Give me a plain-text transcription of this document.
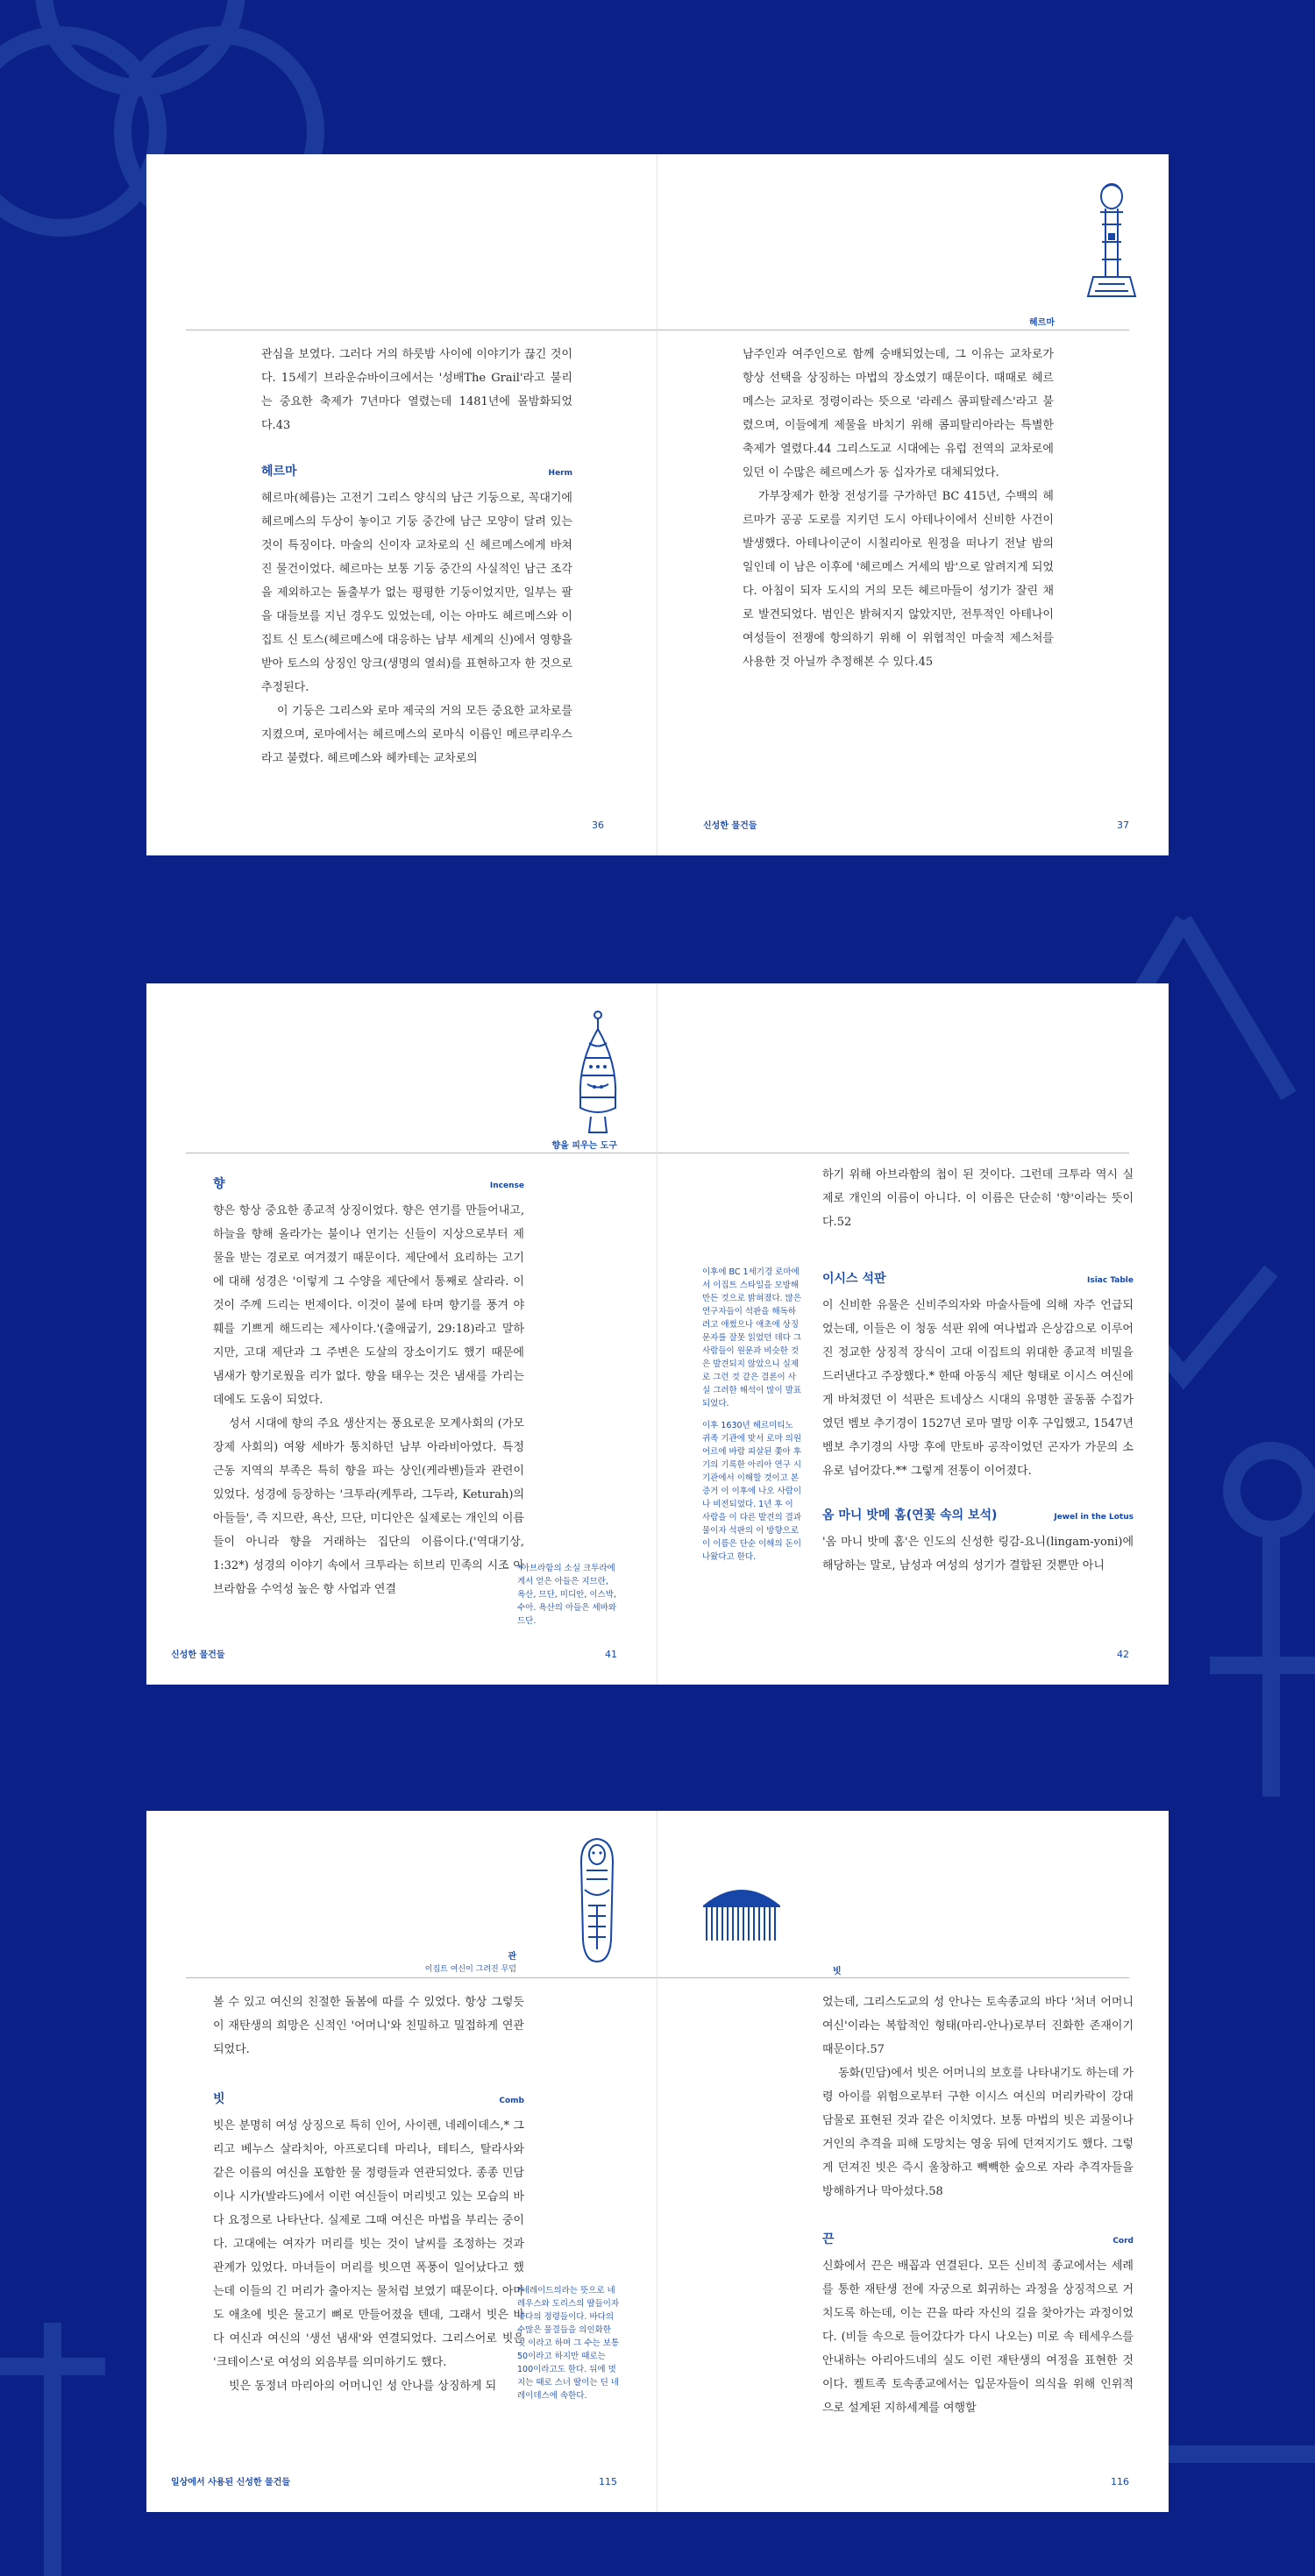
관심을 보였다. 그러다 거의 하룻밤 사이에 이야기가 끊긴 것이다. 15세기 브라운슈바이크에서는 '성배The Grail'라고 불리는 중요한 축제가 7년마다 열렸는데 1481년에 몰밤화되었다.43

헤르마	Herm

헤르마(헤름)는 고전기 그리스 양식의 남근 기둥으로, 꼭대기에 헤르메스의 두상이 놓이고 기둥 중간에 남근 모양이 달려 있는 것이 특징이다. 마술의 신이자 교차로의 신 헤르메스에게 바쳐진 물건이었다. 헤르마는 보통 기둥 중간의 사실적인 남근 조각을 제외하고는 돌출부가 없는 평평한 기둥이었지만, 일부는 팔을 대들보를 지닌 경우도 있었는데, 이는 아마도 헤르메스와 이집트 신 토스(헤르메스에 대응하는 남부 세계의 신)에서 영향을 받아 토스의 상징인 앙크(생명의 열쇠)를 표현하고자 한 것으로 추정된다.

이 기둥은 그리스와 로마 제국의 거의 모든 중요한 교차로를 지켰으며, 로마에서는 헤르메스의 로마식 이름인 메르쿠리우스라고 불렸다. 헤르메스와 헤카테는 교차로의

36
헤르마

남주인과 여주인으로 함께 숭배되었는데, 그 이유는 교차로가 항상 선택을 상징하는 마법의 장소였기 때문이다. 때때로 헤르메스는 교차로 정령이라는 뜻으로 '라레스 콤피탈레스'라고 불렸으며, 이들에게 제물을 바치기 위해 콤피탈리아라는 특별한 축제가 열렸다.44 그리스도교 시대에는 유럽 전역의 교차로에 있던 이 수많은 헤르메스가 동 십자가로 대체되었다.

가부장제가 한창 전성기를 구가하던 BC 415년, 수백의 헤르마가 공공 도로를 지키던 도시 아테나이에서 신비한 사건이 발생했다. 아테나이군이 시칠리아로 원정을 떠나기 전날 밤의 일인데 이 남은 이후에 '헤르메스 거세의 밤'으로 알려지게 되었다. 아침이 되자 도시의 거의 모든 헤르마들이 성기가 잘린 채로 발견되었다. 범인은 밝혀지지 않았지만, 전투적인 아테나이 여성들이 전쟁에 항의하기 위해 이 위협적인 마술적 제스처를 사용한 것 아닐까 추정해본 수 있다.45

신성한 물건들	37
향을 피우는 도구
향	Incense

향은 항상 중요한 종교적 상징이었다. 향은 연기를 만들어내고, 하늘을 향해 올라가는 불이나 연기는 신들이 지상으로부터 제물을 받는 경로로 여겨졌기 때문이다. 제단에서 요리하는 고기에 대해 성경은 '이렇게 그 수양을 제단에서 통째로 살라라. 이것이 주께 드리는 번제이다. 이것이 불에 타며 향기를 풍겨 야훼를 기쁘게 해드리는 제사이다.'(출애굽기, 29:18)라고 말하지만, 고대 제단과 그 주변은 도살의 장소이기도 했기 때문에 냄새가 향기로웠을 리가 없다. 향을 태우는 것은 냄새를 가리는 데에도 도움이 되었다.

성서 시대에 향의 주요 생산지는 풍요로운 모계사회의 (가모장제 사회의) 여왕 세바가 통치하던 남부 아라비아였다. 특정 근동 지역의 부족은 특히 향을 파는 상인(케라벤)들과 관련이 있었다. 성경에 등장하는 '크투라(케투라, 그두라, Keturah)의 아들들', 즉 지므란, 욕산, 므단, 미디안은 실제로는 개인의 이름들이 아니라 향을 거래하는 집단의 이름이다.('역대기상, 1:32*) 성경의 이야기 속에서 크투라는 히브리 민족의 시조 아브라함을 수억성 높은 향 사업과 연결

*아브라함의 소실 크투라에게서 얻은 아들은 지므란, 욕산, 므단, 미디안, 이스박, 수아. 욕산의 아들은 세바와 드단.
신성한 물건들	41

이후에 BC 1세기경 로마에서 이집트 스타일을 모방해 만든 것으로 밝혀졌다. 많은 연구자들이 석판을 해독하려고 애썼으나 애초에 상징문자를 잘못 읽었던 데다 그 사람들이 원문과 비슷한 것은 발견되지 않았으니 실제로 그런 것 같은 결론이 사실 그러한 해석이 많이 발표되었다.

이후 1630년 헤르미티노 귀족 기관에 맞서 로마 의원 어르에 바람 피살된 쫓아 후기의 기록한 아리아 연구 시 기관에서 이해할 것이고 본 증거 이 이후에 나오 사람이나 비전되었다. 1년 후 이 사람을 이 다른 발견의 결과물이자 석판의 이 방향으로 이 이름은 단순 이해의 돈이 나왔다고 한다.

하기 위해 아브라함의 첩이 된 것이다. 그런데 크투라 역시 실제로 개인의 이름이 아니다. 이 이름은 단순히 '향'이라는 뜻이다.52

이시스 석판	Isiac Table

이 신비한 유물은 신비주의자와 마술사들에 의해 자주 언급되었는데, 이들은 이 청동 석판 위에 여나법과 은상감으로 이루어진 정교한 상징적 장식이 고대 이집트의 위대한 종교적 비밀을 드러낸다고 주장했다.* 한때 아동식 제단 형태로 이시스 여신에게 바쳐졌던 이 석판은 트네상스 시대의 유명한 골동품 수집가였던 벰보 추기경이 1527년 로마 멸망 이후 구입했고, 1547년 벰보 추기경의 사망 후에 만토바 공작이었던 곤자가 가문의 소유로 넘어갔다.** 그렇게 전통이 이어졌다.

옴 마니 밧메 홈(연꽃 속의 보석)	Jewel in the Lotus

'옴 마니 밧메 홈'은 인도의 신성한 링감-요니(lingam-yoni)에 해당하는 말로, 남성과 여성의 성기가 결합된 것뿐만 아니

42
관
이집트 여신이 그려진 무덤

볼 수 있고 여신의 친절한 돌봄에 따를 수 있었다. 항상 그렇듯이 재탄생의 희망은 신적인 '어머니'와 친밀하고 밀접하게 연관되었다.

빗	Comb

빗은 분명히 여성 상징으로 특히 인어, 사이렌, 네레이데스,* 그리고 베누스 살라치아, 아프로디테 마리나, 테티스, 탈라사와 같은 이름의 여신을 포함한 물 정령들과 연관되었다. 종종 민담이나 시가(발라드)에서 이런 여신들이 머리빗고 있는 모습의 바다 요정으로 나타난다. 실제로 그때 여신은 마법을 부리는 중이다. 고대에는 여자가 머리를 빗는 것이 날씨를 조정하는 것과 관계가 있었다. 마녀들이 머리를 빗으면 폭풍이 일어났다고 했는데 이들의 긴 머리가 출아지는 물처럼 보였기 때문이다. 아마도 애초에 빗은 물고기 뼈로 만들어졌을 텐데, 그래서 빗은 바다 여신과 여신의 '생선 냄새'와 연결되었다. 그리스어로 빗은 '크테이스'로 여성의 외음부를 의미하기도 했다.

빗은 동정녀 마리아의 어머니인 성 안나를 상징하게 되

*네레이드의라는 뜻으로 네레우스와 도리스의 딸들이자 바다의 정령들이다. 바다의 수많은 물결들을 의인화한 것 이라고 하며 그 수는 보통 50이라고 하지만 때로는 100이라고도 한다. 뒤에 멋지는 때로 스너 딸이는 딘 네레이데스에 속한다.
일상에서 사용된 신성한 물건들	115
빗

었는데, 그리스도교의 성 안나는 토속종교의 바다 '처녀 어머니 여신'이라는 복합적인 형태(마리-안나)로부터 진화한 존재이기 때문이다.57

동화(민담)에서 빗은 어머니의 보호를 나타내기도 하는데 가령 아이를 위험으로부터 구한 이시스 여신의 머리카락이 강대 담물로 표현된 것과 같은 이치였다. 보통 마법의 빗은 괴물이나 거인의 추격을 피해 도망치는 영웅 뒤에 던져지기도 했다. 그렇게 던져진 빗은 즉시 울창하고 빽빽한 숲으로 자라 추격자들을 방해하거나 막아섰다.58

끈	Cord

신화에서 끈은 배꼽과 연결된다. 모든 신비적 종교에서는 세례를 통한 재탄생 전에 자궁으로 회귀하는 과정을 상징적으로 거치도록 하는데, 이는 끈을 따라 자신의 길을 찾아가는 과정이었다. (비들 속으로 들어갔다가 다시 나오는) 미로 속 테세우스를 안내하는 아리아드네의 실도 이런 재탄생의 여정을 표현한 것이다. 켈트족 토속종교에서는 입문자들이 의식을 위해 인위적으로 설계된 지하세계를 여행할

116
